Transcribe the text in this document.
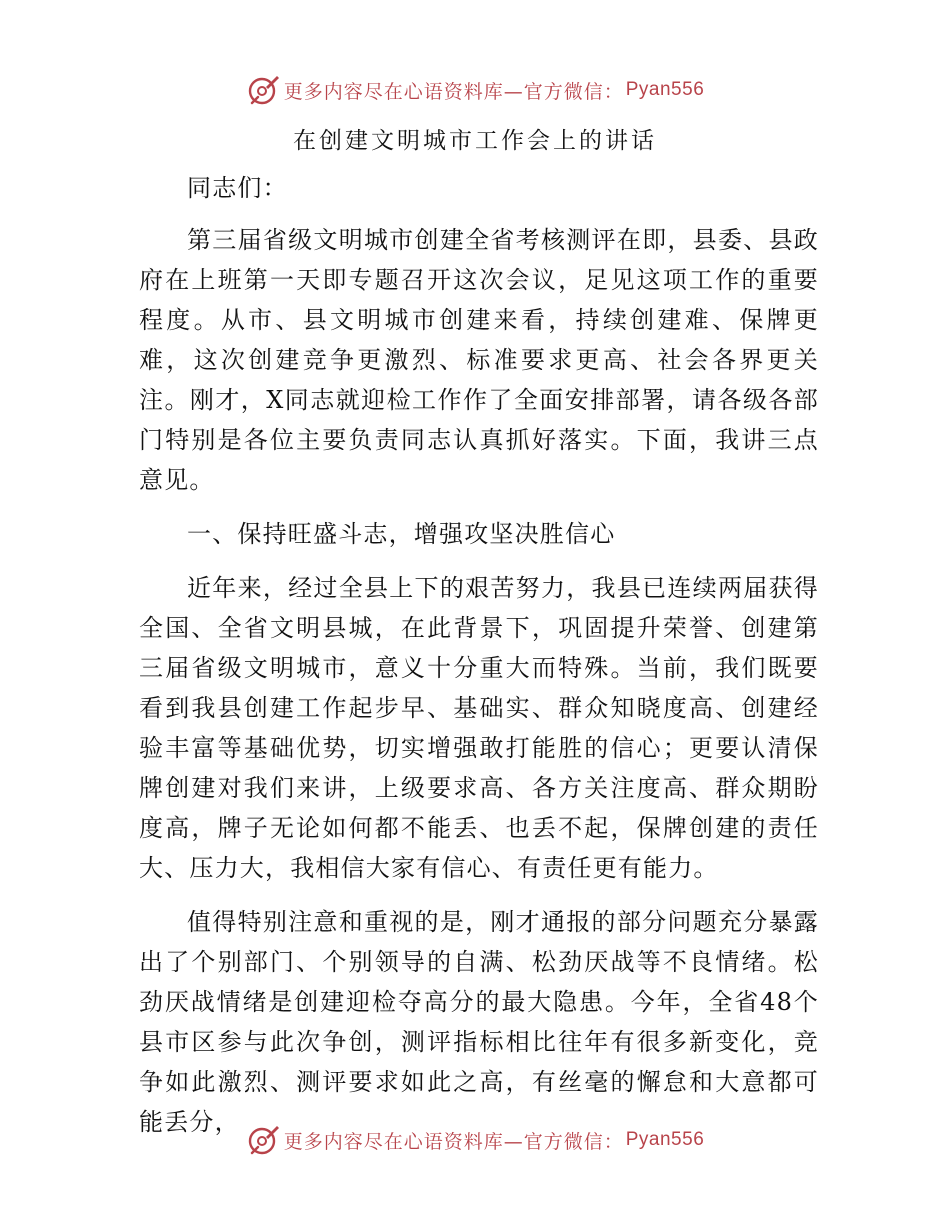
更多内容尽在心语资料库—官方微信： Pyan556
在创建文明城市工作会上的讲话

同志们：

第三届省级文明城市创建全省考核测评在即，县委、县政府在上班第一天即专题召开这次会议，足见这项工作的重要程度。从市、县文明城市创建来看，持续创建难、保牌更难，这次创建竞争更激烈、标准要求更高、社会各界更关注。刚才，X同志就迎检工作作了全面安排部署，请各级各部门特别是各位主要负责同志认真抓好落实。下面，我讲三点意见。

一、保持旺盛斗志，增强攻坚决胜信心

近年来，经过全县上下的艰苦努力，我县已连续两届获得全国、全省文明县城，在此背景下，巩固提升荣誉、创建第三届省级文明城市，意义十分重大而特殊。当前，我们既要看到我县创建工作起步早、基础实、群众知晓度高、创建经验丰富等基础优势，切实增强敢打能胜的信心；更要认清保牌创建对我们来讲，上级要求高、各方关注度高、群众期盼度高，牌子无论如何都不能丢、也丢不起，保牌创建的责任大、压力大，我相信大家有信心、有责任更有能力。

值得特别注意和重视的是，刚才通报的部分问题充分暴露出了个别部门、个别领导的自满、松劲厌战等不良情绪。松劲厌战情绪是创建迎检夺高分的最大隐患。今年，全省48个县市区参与此次争创，测评指标相比往年有很多新变化，竞争如此激烈、测评要求如此之高，有丝毫的懈怠和大意都可能丢分，

更多内容尽在心语资料库—官方微信： Pyan556
